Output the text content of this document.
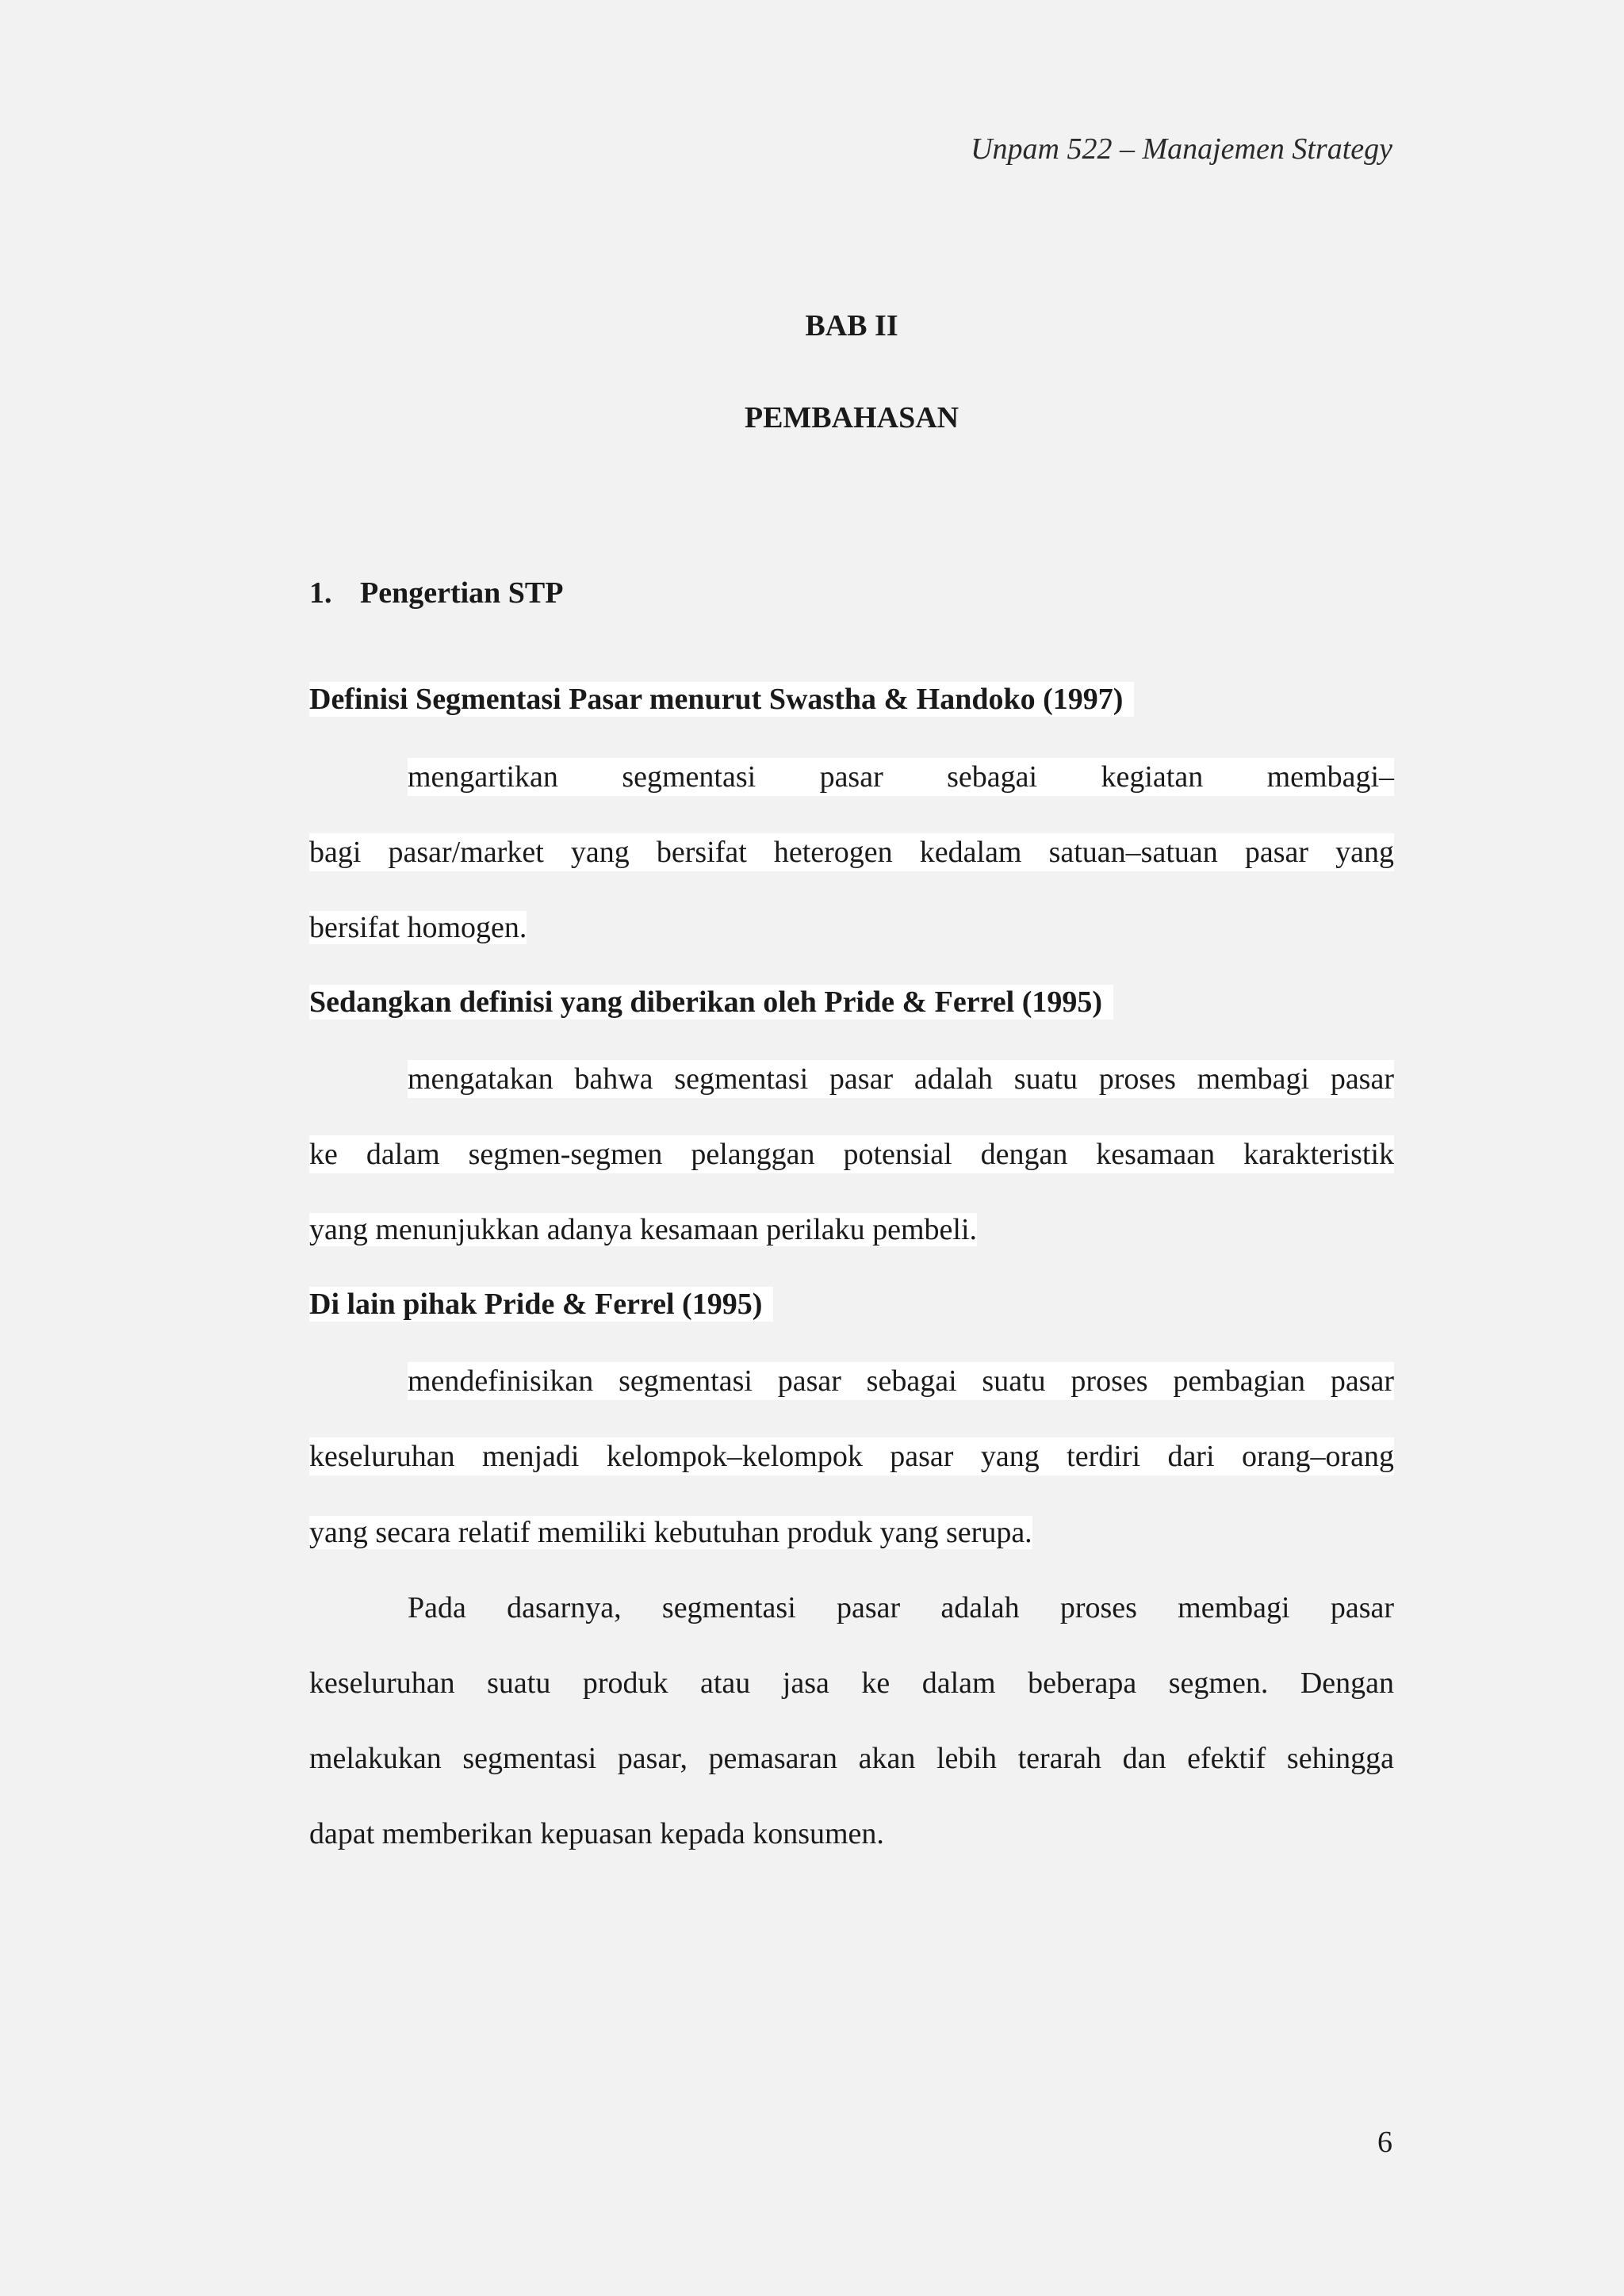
Unpam 522 – Manajemen Strategy
BAB II
PEMBAHASAN
1. Pengertian STP
Definisi Segmentasi Pasar menurut Swastha & Handoko (1997)
mengartikan segmentasi pasar sebagai kegiatan membagi–
bagi pasar/market yang bersifat heterogen kedalam satuan–satuan pasar yang
bersifat homogen.
Sedangkan definisi yang diberikan oleh Pride & Ferrel (1995)
mengatakan bahwa segmentasi pasar adalah suatu proses membagi pasar
ke dalam segmen-segmen pelanggan potensial dengan kesamaan karakteristik
yang menunjukkan adanya kesamaan perilaku pembeli.
Di lain pihak Pride & Ferrel (1995)
mendefinisikan segmentasi pasar sebagai suatu proses pembagian pasar
keseluruhan menjadi kelompok–kelompok pasar yang terdiri dari orang–orang
yang secara relatif memiliki kebutuhan produk yang serupa.
Pada dasarnya, segmentasi pasar adalah proses membagi pasar
keseluruhan suatu produk atau jasa ke dalam beberapa segmen. Dengan
melakukan segmentasi pasar, pemasaran akan lebih terarah dan efektif sehingga
dapat memberikan kepuasan kepada konsumen.
6
